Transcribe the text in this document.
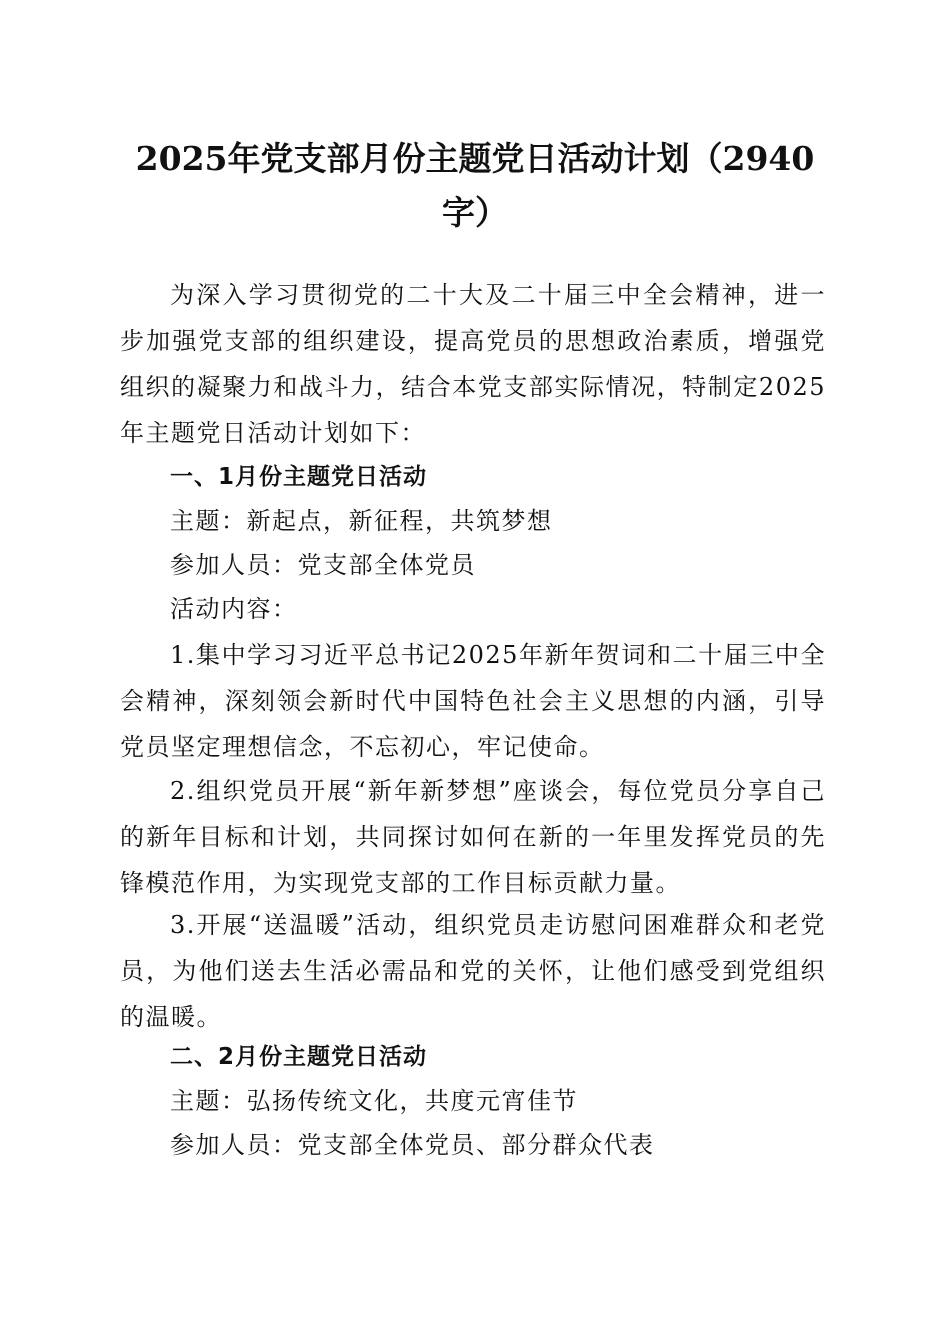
2025年党支部月份主题党日活动计划（2940字）
为深入学习贯彻党的二十大及二十届三中全会精神，进一步加强党支部的组织建设，提高党员的思想政治素质，增强党组织的凝聚力和战斗力，结合本党支部实际情况，特制定2025年主题党日活动计划如下：
一、1月份主题党日活动
主题：新起点，新征程，共筑梦想
参加人员：党支部全体党员
活动内容：
1.集中学习习近平总书记2025年新年贺词和二十届三中全会精神，深刻领会新时代中国特色社会主义思想的内涵，引导党员坚定理想信念，不忘初心，牢记使命。
2.组织党员开展“新年新梦想”座谈会，每位党员分享自己的新年目标和计划，共同探讨如何在新的一年里发挥党员的先锋模范作用，为实现党支部的工作目标贡献力量。
3.开展“送温暖”活动，组织党员走访慰问困难群众和老党员，为他们送去生活必需品和党的关怀，让他们感受到党组织的温暖。
二、2月份主题党日活动
主题：弘扬传统文化，共度元宵佳节
参加人员：党支部全体党员、部分群众代表
